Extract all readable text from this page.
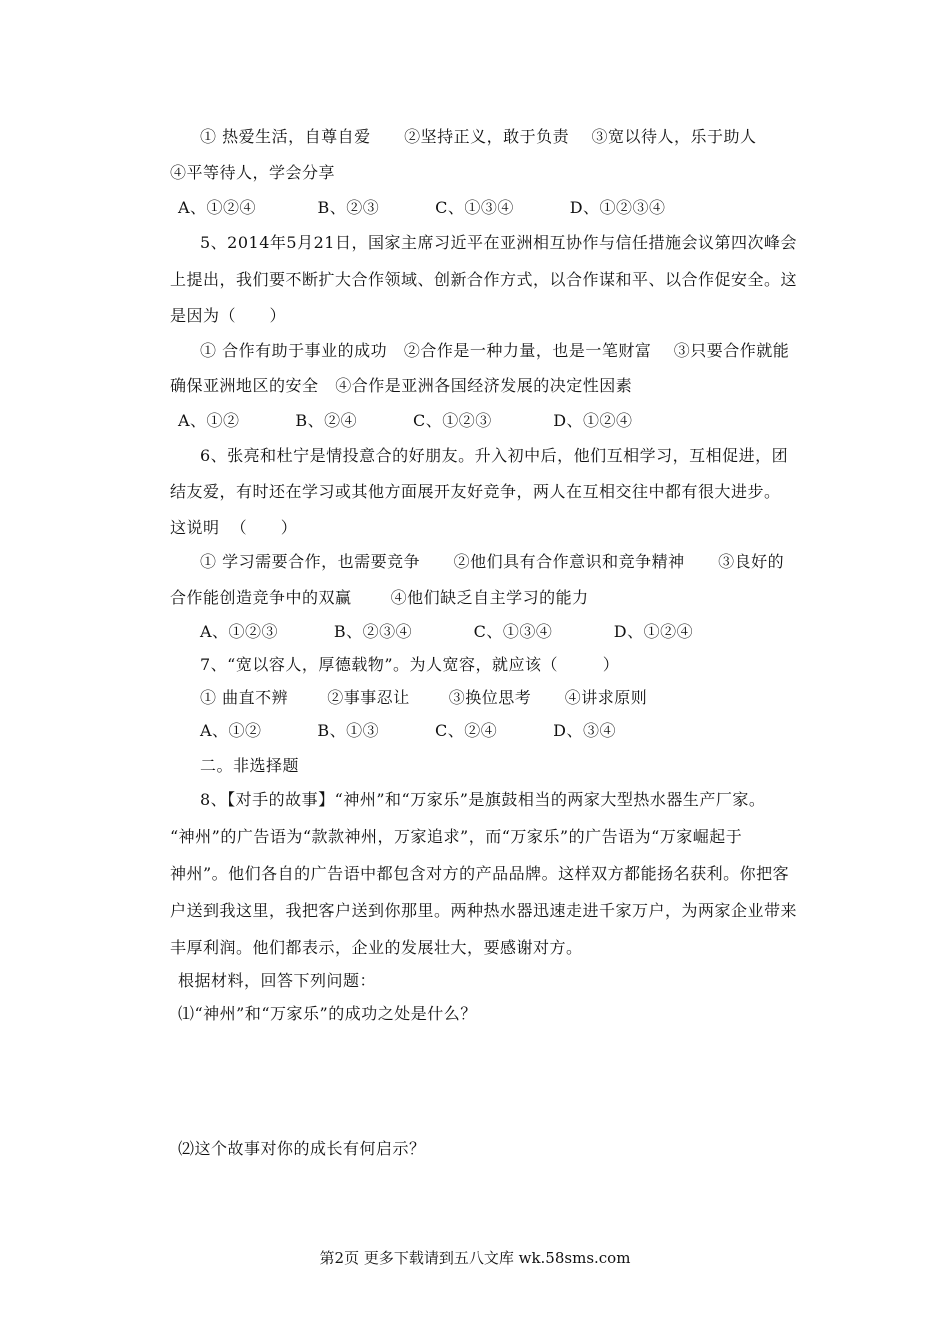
① 热爱生活，自尊自爱      ②坚持正义，敢于负责    ③宽以待人，乐于助人
④平等待人，学会分享
A、①②④           B、②③          C、①③④          D、①②③④
5、2014年5月21日，国家主席习近平在亚洲相互协作与信任措施会议第四次峰会
上提出，我们要不断扩大合作领域、创新合作方式，以合作谋和平、以合作促安全。这
是因为（      ）
① 合作有助于事业的成功   ②合作是一种力量，也是一笔财富    ③只要合作就能
确保亚洲地区的安全   ④合作是亚洲各国经济发展的决定性因素
A、①②          B、②④          C、①②③           D、①②④
6、张亮和杜宁是情投意合的好朋友。升入初中后，他们互相学习，互相促进，团
结友爱，有时还在学习或其他方面展开友好竞争，两人在互相交往中都有很大进步。
这说明  （      ）
① 学习需要合作，也需要竞争      ②他们具有合作意识和竞争精神      ③良好的
合作能创造竞争中的双赢       ④他们缺乏自主学习的能力
A、①②③          B、②③④           C、①③④           D、①②④
7、“宽以容人，厚德载物”。为人宽容，就应该（        ）
① 曲直不辨       ②事事忍让       ③换位思考      ④讲求原则
A、①②          B、①③          C、②④          D、③④
二。非选择题
8、【对手的故事】“神州”和“万家乐”是旗鼓相当的两家大型热水器生产厂家。
“神州”的广告语为“款款神州，万家追求”，而“万家乐”的广告语为“万家崛起于
神州”。他们各自的广告语中都包含对方的产品品牌。这样双方都能扬名获利。你把客
户送到我这里，我把客户送到你那里。两种热水器迅速走进千家万户，为两家企业带来
丰厚利润。他们都表示，企业的发展壮大，要感谢对方。
根据材料，回答下列问题：
⑴“神州”和“万家乐”的成功之处是什么？
⑵这个故事对你的成长有何启示？
第2页 更多下载请到五八文库 wk.58sms.com
